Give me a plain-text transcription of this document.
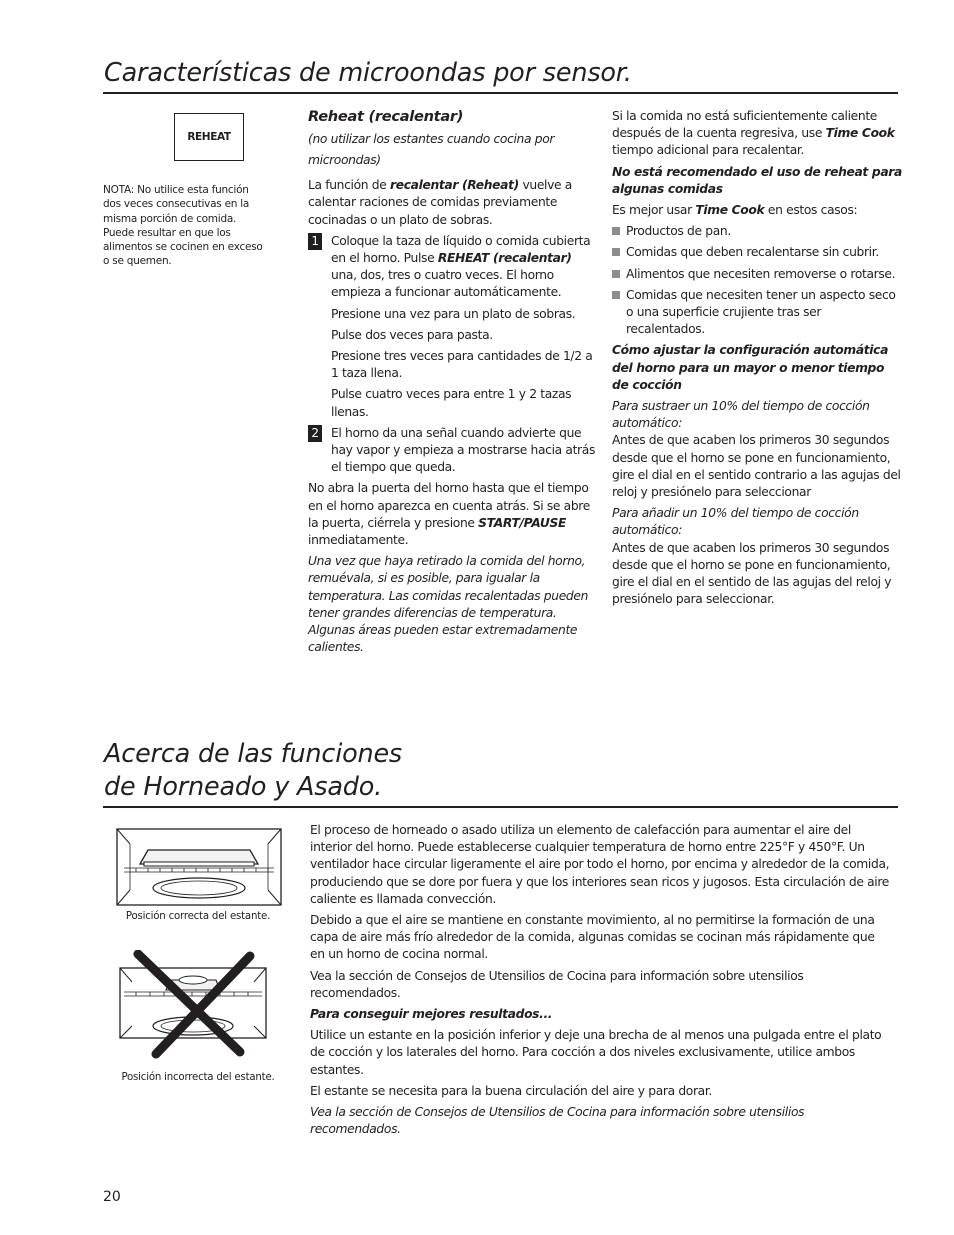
Características de microondas por sensor.
REHEAT
NOTA: No utilice esta función dos veces consecutivas en la misma porción de comida. Puede resultar en que los alimentos se cocinen en exceso o se quemen.

Reheat (recalentar)

(no utilizar los estantes cuando cocina por microondas)

La función de recalentar (Reheat) vuelve a calentar raciones de comidas previamente cocinadas o un plato de sobras.

1 Coloque la taza de líquido o comida cubierta en el horno. Pulse REHEAT (recalentar) una, dos, tres o cuatro veces. El horno empieza a funcionar automáticamente.

Presione una vez para un plato de sobras.

Pulse dos veces para pasta.

Presione tres veces para cantidades de 1/2 a 1 taza llena.

Pulse cuatro veces para entre 1 y 2 tazas llenas.

2 El horno da una señal cuando advierte que hay vapor y empieza a mostrarse hacia atrás el tiempo que queda.

No abra la puerta del horno hasta que el tiempo en el horno aparezca en cuenta atrás. Si se abre la puerta, ciérrela y presione START/PAUSE inmediatamente.

Una vez que haya retirado la comida del horno, remuévala, si es posible, para igualar la temperatura. Las comidas recalentadas pueden tener grandes diferencias de temperatura. Algunas áreas pueden estar extremadamente calientes.

Si la comida no está suficientemente caliente después de la cuenta regresiva, use Time Cook tiempo adicional para recalentar.

No está recomendado el uso de reheat para algunas comidas

Es mejor usar Time Cook en estos casos:

Productos de pan.
Comidas que deben recalentarse sin cubrir.
Alimentos que necesiten removerse o rotarse.
Comidas que necesiten tener un aspecto seco o una superficie crujiente tras ser recalentados.

Cómo ajustar la configuración automática del horno para un mayor o menor tiempo de cocción

Para sustraer un 10% del tiempo de cocción automático:

Antes de que acaben los primeros 30 segundos desde que el horno se pone en funcionamiento, gire el dial en el sentido contrario a las agujas del reloj y presiónelo para seleccionar

Para añadir un 10% del tiempo de cocción automático:

Antes de que acaben los primeros 30 segundos desde que el horno se pone en funcionamiento, gire el dial en el sentido de las agujas del reloj y presiónelo para seleccionar.

Acerca de las funciones
de Horneado y Asado.
Posición correcta del estante.
Posición incorrecta del estante.

El proceso de horneado o asado utiliza un elemento de calefacción para aumentar el aire del interior del horno. Puede establecerse cualquier temperatura de horno entre 225°F y 450°F. Un ventilador hace circular ligeramente el aire por todo el horno, por encima y alrededor de la comida, produciendo que se dore por fuera y que los interiores sean ricos y jugosos. Esta circulación de aire caliente es llamada convección.

Debido a que el aire se mantiene en constante movimiento, al no permitirse la formación de una capa de aire más frío alrededor de la comida, algunas comidas se cocinan más rápidamente que en un horno de cocina normal.

Vea la sección de Consejos de Utensilios de Cocina para información sobre utensilios recomendados.

Para conseguir mejores resultados...

Utilice un estante en la posición inferior y deje una brecha de al menos una pulgada entre el plato de cocción y los laterales del horno. Para cocción a dos niveles exclusivamente, utilice ambos estantes.

El estante se necesita para la buena circulación del aire y para dorar.

Vea la sección de Consejos de Utensilios de Cocina para información sobre utensilios recomendados.

20
